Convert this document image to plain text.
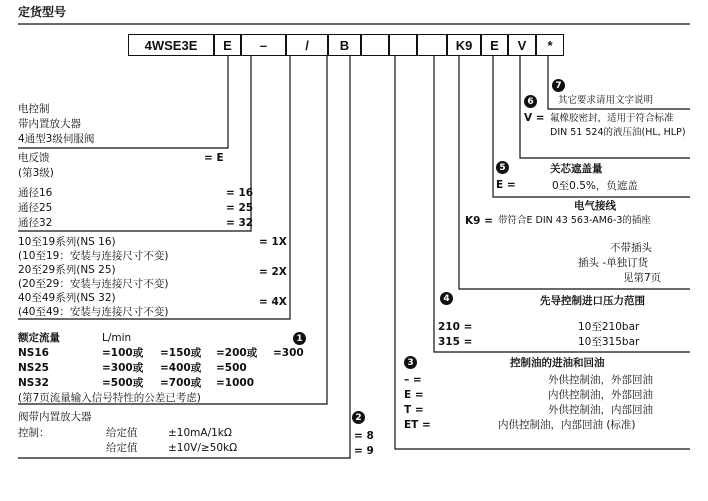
定货型号
4WSE3E	E	–	/	B	K9	E	V	*
电控制
带内置放大器
4通型3级伺服阀
电反馈	= E
(第3级)
通径16	= 16
通径25	= 25
通径32	= 32
10至19系列(NS 16)
(10至19：安装与连接尺寸不变)
= 1X
20至29系列(NS 25)
(20至29：安装与连接尺寸不变)
= 2X
40至49系列(NS 32)
(40至49：安装与连接尺寸不变)
= 4X
额定流量	L/min	1
NS16	=100或 =150或 =200或 =300
NS25	=300或 =400或 =500
NS32	=500或 =700或 =1000
(第7页流量输入信号特性的公差已考虑)
阀带内置放大器	2
控制：	给定值	±10mA/1kΩ	= 8
给定值	±10V/≥50kΩ	= 9
7
其它要求请用文字说明
6
V = 氟橡胶密封，适用于符合标准
DIN 51 524的液压油(HL, HLP)
5	关芯遮盖量
E =	0至0.5%，负遮盖
电气接线
K9 = 带符合E DIN 43 563-AM6-3的插座
不带插头
插头 -单独订货
见第7页
4	先导控制进口压力范围
210 =	10至210bar
315 =	10至315bar
3	控制油的进油和回油
– =	外供控制油，外部回油
E =	内供控制油，外部回油
T =	外供控制油，内部回油
ET =	内供控制油，内部回油 (标准)
